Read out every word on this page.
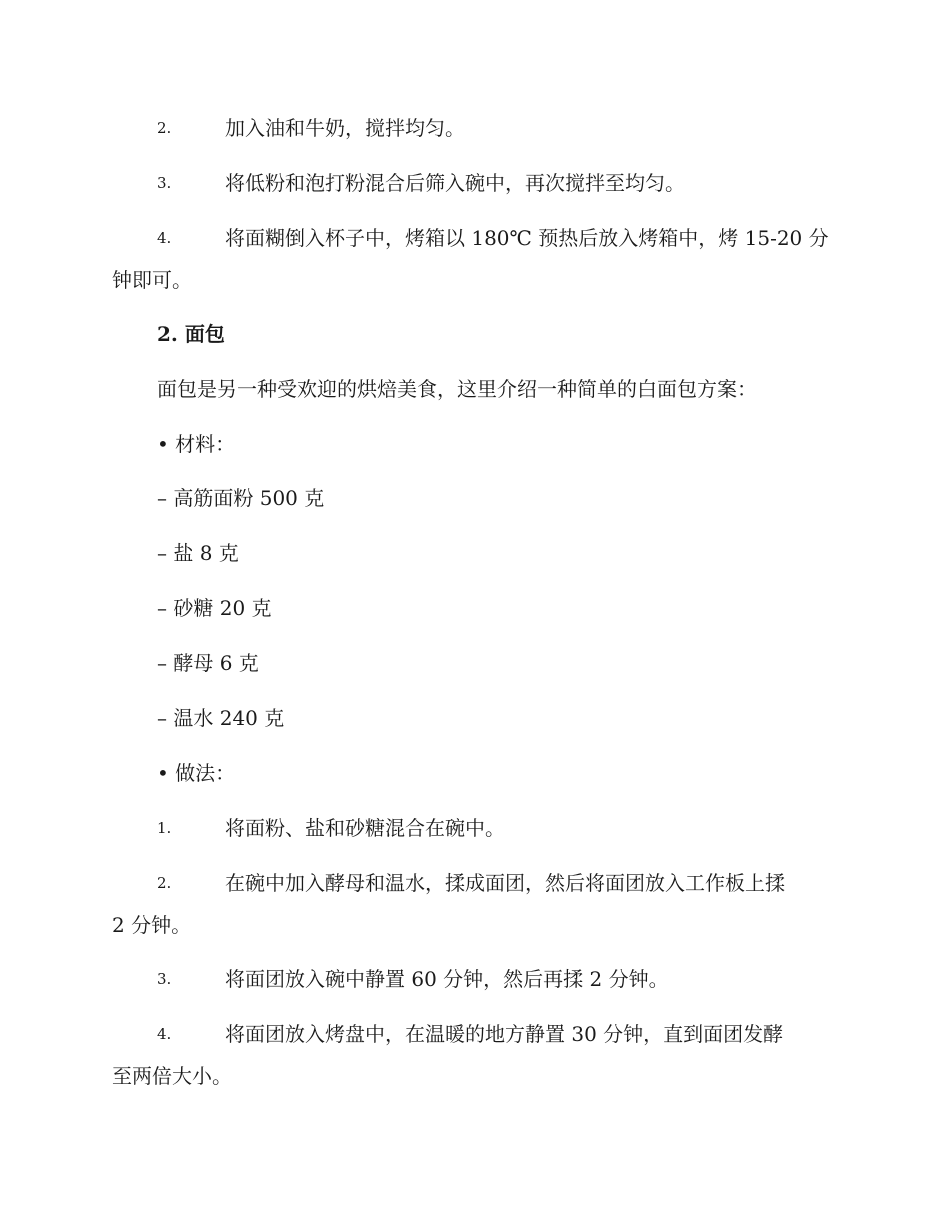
2.	加入油和牛奶，搅拌均匀。
3.	将低粉和泡打粉混合后筛入碗中，再次搅拌至均匀。
4.	将面糊倒入杯子中，烤箱以 180℃ 预热后放入烤箱中，烤 15-20 分
钟即可。
2. 面包
面包是另一种受欢迎的烘焙美食，这里介绍一种简单的白面包方案：
• 材料：
– 高筋面粉 500 克
– 盐 8 克
– 砂糖 20 克
– 酵母 6 克
– 温水 240 克
• 做法：
1.	将面粉、盐和砂糖混合在碗中。
2.	在碗中加入酵母和温水，揉成面团，然后将面团放入工作板上揉
2 分钟。
3.	将面团放入碗中静置 60 分钟，然后再揉 2 分钟。
4.	将面团放入烤盘中，在温暖的地方静置 30 分钟，直到面团发酵
至两倍大小。
